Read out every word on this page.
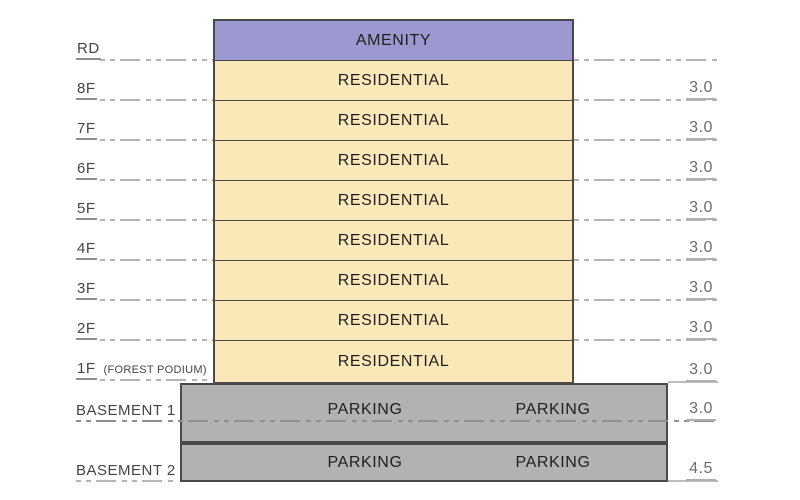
AMENITY
RESIDENTIAL
RESIDENTIAL
RESIDENTIAL
RESIDENTIAL
RESIDENTIAL
RESIDENTIAL
RESIDENTIAL
RESIDENTIAL
PARKING	PARKING
PARKING	PARKING
RD
8F	3.0
7F	3.0
6F	3.0
5F	3.0
4F	3.0
3F	3.0
2F	3.0
1F (FOREST PODIUM)	3.0
BASEMENT 1	3.0
BASEMENT 2	4.5
